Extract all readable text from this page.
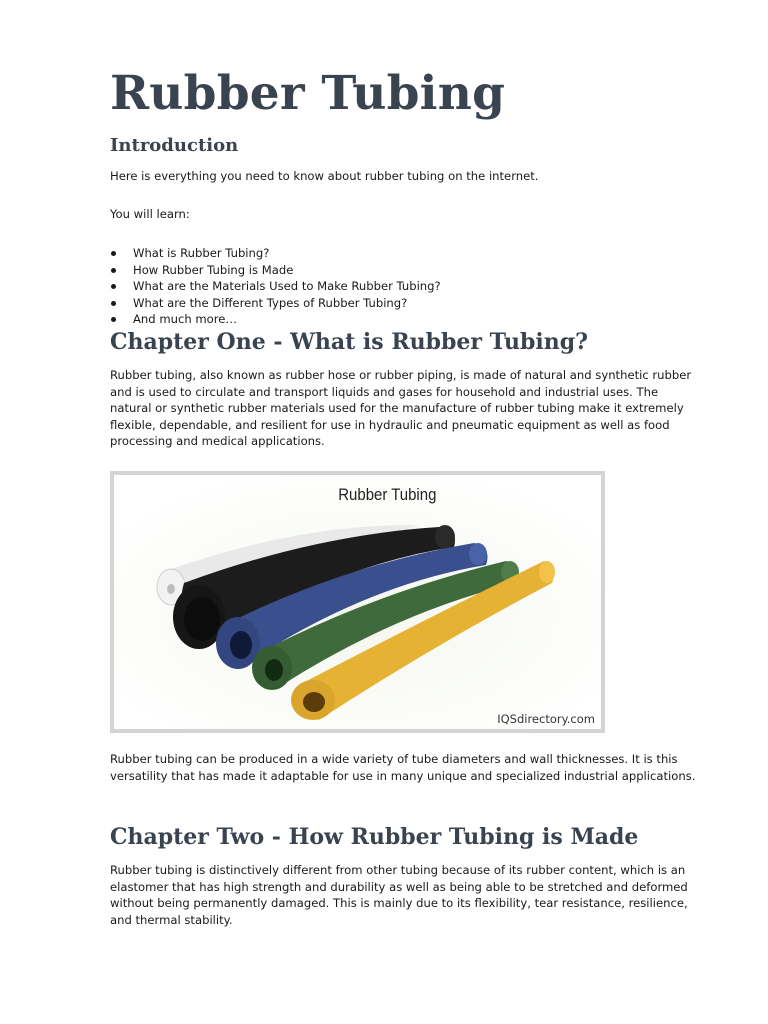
Rubber Tubing
Introduction

Here is everything you need to know about rubber tubing on the internet.

You will learn:

What is Rubber Tubing?
How Rubber Tubing is Made
What are the Materials Used to Make Rubber Tubing?
What are the Different Types of Rubber Tubing?
And much more…
Chapter One - What is Rubber Tubing?

Rubber tubing, also known as rubber hose or rubber piping, is made of natural and synthetic rubber and is used to circulate and transport liquids and gases for household and industrial uses. The natural or synthetic rubber materials used for the manufacture of rubber tubing make it extremely flexible, dependable, and resilient for use in hydraulic and pneumatic equipment as well as food processing and medical applications.

Rubber Tubing
IQSdirectory.com

Rubber tubing can be produced in a wide variety of tube diameters and wall thicknesses. It is this versatility that has made it adaptable for use in many unique and specialized industrial applications.

Chapter Two - How Rubber Tubing is Made

Rubber tubing is distinctively different from other tubing because of its rubber content, which is an elastomer that has high strength and durability as well as being able to be stretched and deformed without being permanently damaged. This is mainly due to its flexibility, tear resistance, resilience, and thermal stability.
